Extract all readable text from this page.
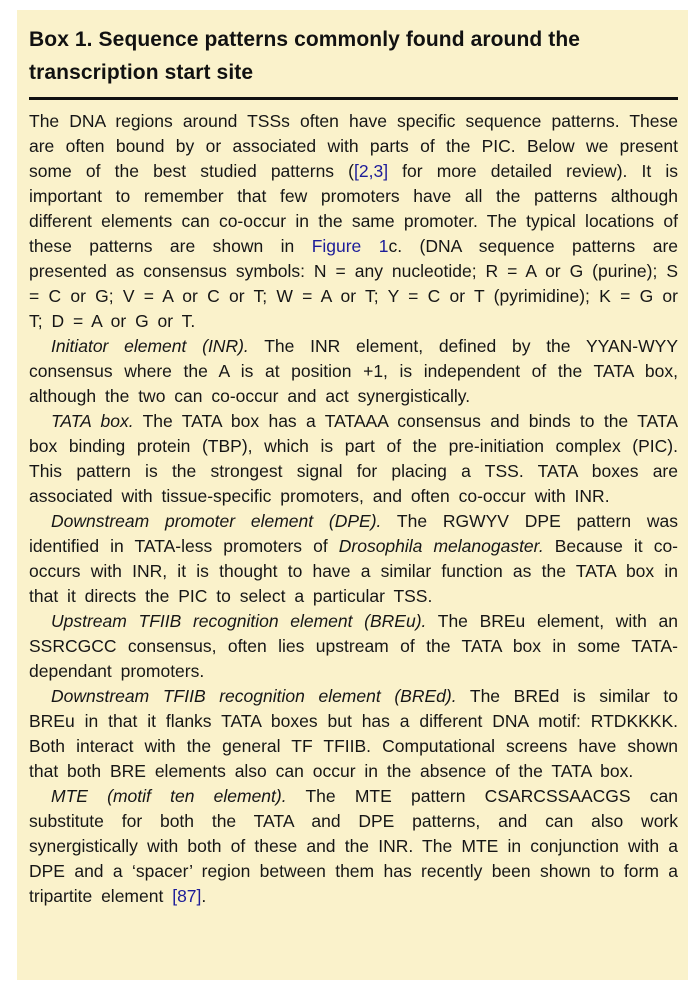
Box 1. Sequence patterns commonly found around the transcription start site

The DNA regions around TSSs often have specific sequence patterns. These are often bound by or associated with parts of the PIC. Below we present some of the best studied patterns ([2,3] for more detailed review). It is important to remember that few promoters have all the patterns although different elements can co-occur in the same promoter. The typical locations of these patterns are shown in Figure 1c. (DNA sequence patterns are presented as consensus symbols: N = any nucleotide; R = A or G (purine); S = C or G; V = A or C or T; W = A or T; Y = C or T (pyrimidine); K = G or T; D = A or G or T.

Initiator element (INR). The INR element, defined by the YYAN-WYY consensus where the A is at position +1, is independent of the TATA box, although the two can co-occur and act synergistically.

TATA box. The TATA box has a TATAAA consensus and binds to the TATA box binding protein (TBP), which is part of the pre-initiation complex (PIC). This pattern is the strongest signal for placing a TSS. TATA boxes are associated with tissue-specific promoters, and often co-occur with INR.

Downstream promoter element (DPE). The RGWYV DPE pattern was identified in TATA-less promoters of Drosophila melanogaster. Because it co-occurs with INR, it is thought to have a similar function as the TATA box in that it directs the PIC to select a particular TSS.

Upstream TFIIB recognition element (BREu). The BREu element, with an SSRCGCC consensus, often lies upstream of the TATA box in some TATA-dependant promoters.

Downstream TFIIB recognition element (BREd). The BREd is similar to BREu in that it flanks TATA boxes but has a different DNA motif: RTDKKKK. Both interact with the general TF TFIIB. Computational screens have shown that both BRE elements also can occur in the absence of the TATA box.

MTE (motif ten element). The MTE pattern CSARCSSAACGS can substitute for both the TATA and DPE patterns, and can also work synergistically with both of these and the INR. The MTE in conjunction with a DPE and a ‘spacer’ region between them has recently been shown to form a tripartite element [87].
